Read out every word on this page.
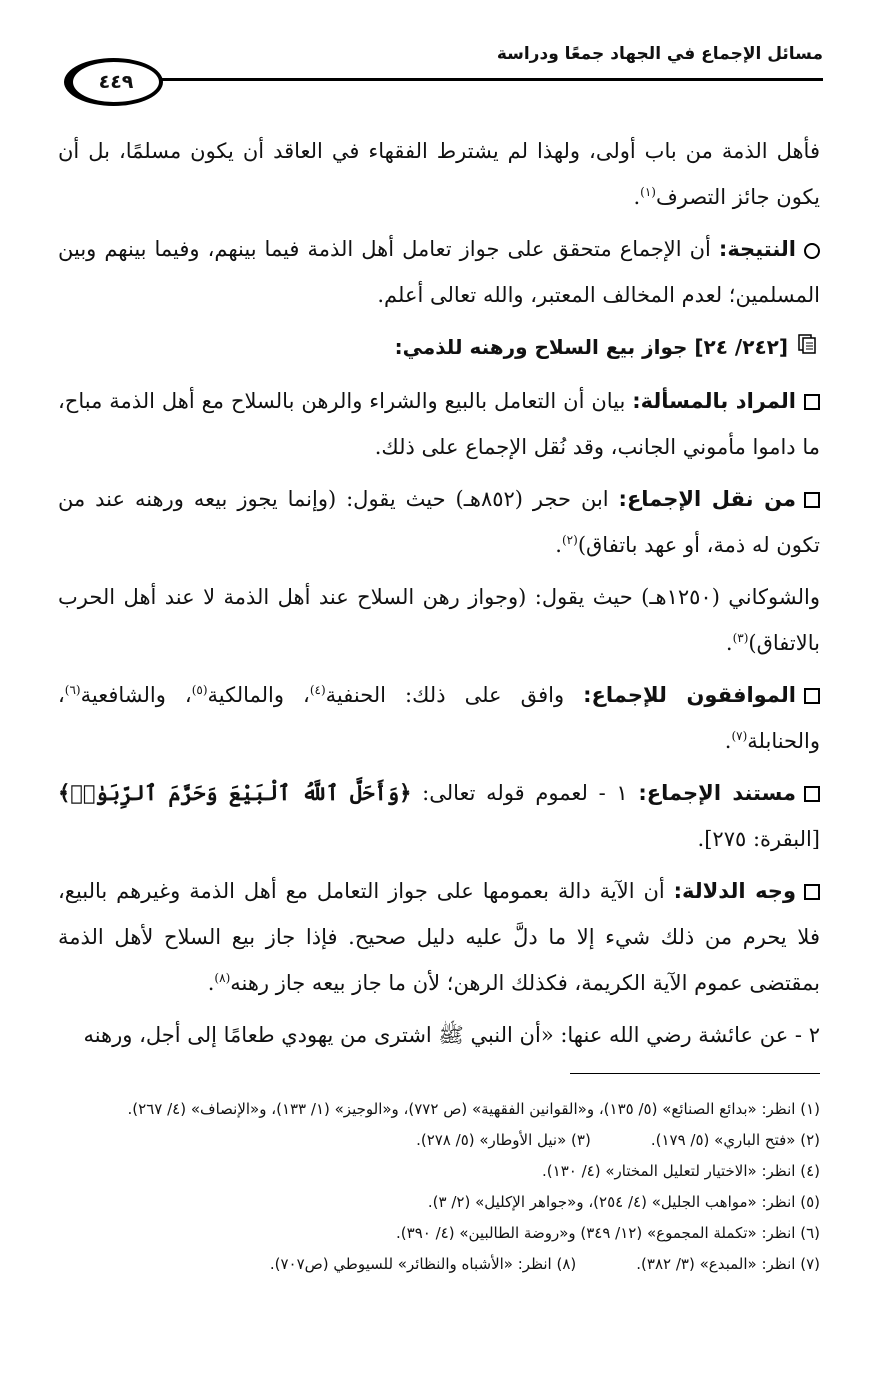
مسائل الإجماع في الجهاد جمعًا ودراسة
٤٤٩

فأهل الذمة من باب أولى، ولهذا لم يشترط الفقهاء في العاقد أن يكون مسلمًا، بل أن يكون جائز التصرف$^{(١)}$.

النتيجة: أن الإجماع متحقق على جواز تعامل أهل الذمة فيما بينهم، وفيما بينهم وبين المسلمين؛ لعدم المخالف المعتبر، والله تعالى أعلم.

[٢٤٢/ ٢٤] جواز بيع السلاح ورهنه للذمي:

المراد بالمسألة: بيان أن التعامل بالبيع والشراء والرهن بالسلاح مع أهل الذمة مباح، ما داموا مأموني الجانب، وقد نُقل الإجماع على ذلك.

من نقل الإجماع: ابن حجر (٨٥٢هـ) حيث يقول: (وإنما يجوز بيعه ورهنه عند من تكون له ذمة، أو عهد باتفاق)$^{(٢)}$.

والشوكاني (١٢٥٠هـ) حيث يقول: (وجواز رهن السلاح عند أهل الذمة لا عند أهل الحرب بالاتفاق)$^{(٣)}$.

الموافقون للإجماع: وافق على ذلك: الحنفية$^{(٤)}$، والمالكية$^{(٥)}$، والشافعية$^{(٦)}$، والحنابلة$^{(٧)}$.

مستند الإجماع: ١ - لعموم قوله تعالى: ﴿وَأَحَلَّ ٱللَّهُ ٱلْبَيْعَ وَحَرَّمَ ٱلرِّبَوٰا۟﴾ [البقرة: ٢٧٥].

وجه الدلالة: أن الآية دالة بعمومها على جواز التعامل مع أهل الذمة وغيرهم بالبيع، فلا يحرم من ذلك شيء إلا ما دلَّ عليه دليل صحيح. فإذا جاز بيع السلاح لأهل الذمة بمقتضى عموم الآية الكريمة، فكذلك الرهن؛ لأن ما جاز بيعه جاز رهنه$^{(٨)}$.

٢ - عن عائشة رضي الله عنها: «أن النبي ﷺ اشترى من يهودي طعامًا إلى أجل، ورهنه

(١) انظر: «بدائع الصنائع» (٥/ ١٣٥)، و«القوانين الفقهية» (ص ٧٧٢)، و«الوجيز» (١/ ١٣٣)، و«الإنصاف» (٤/ ٢٦٧).
(٢) «فتح الباري» (٥/ ١٧٩).
(٣) «نيل الأوطار» (٥/ ٢٧٨).
(٤) انظر: «الاختيار لتعليل المختار» (٤/ ١٣٠).
(٥) انظر: «مواهب الجليل» (٤/ ٢٥٤)، و«جواهر الإكليل» (٢/ ٣).
(٦) انظر: «تكملة المجموع» (١٢/ ٣٤٩) و«روضة الطالبين» (٤/ ٣٩٠).
(٧) انظر: «المبدع» (٣/ ٣٨٢).
(٨) انظر: «الأشباه والنظائر» للسيوطي (ص٧٠٧).
